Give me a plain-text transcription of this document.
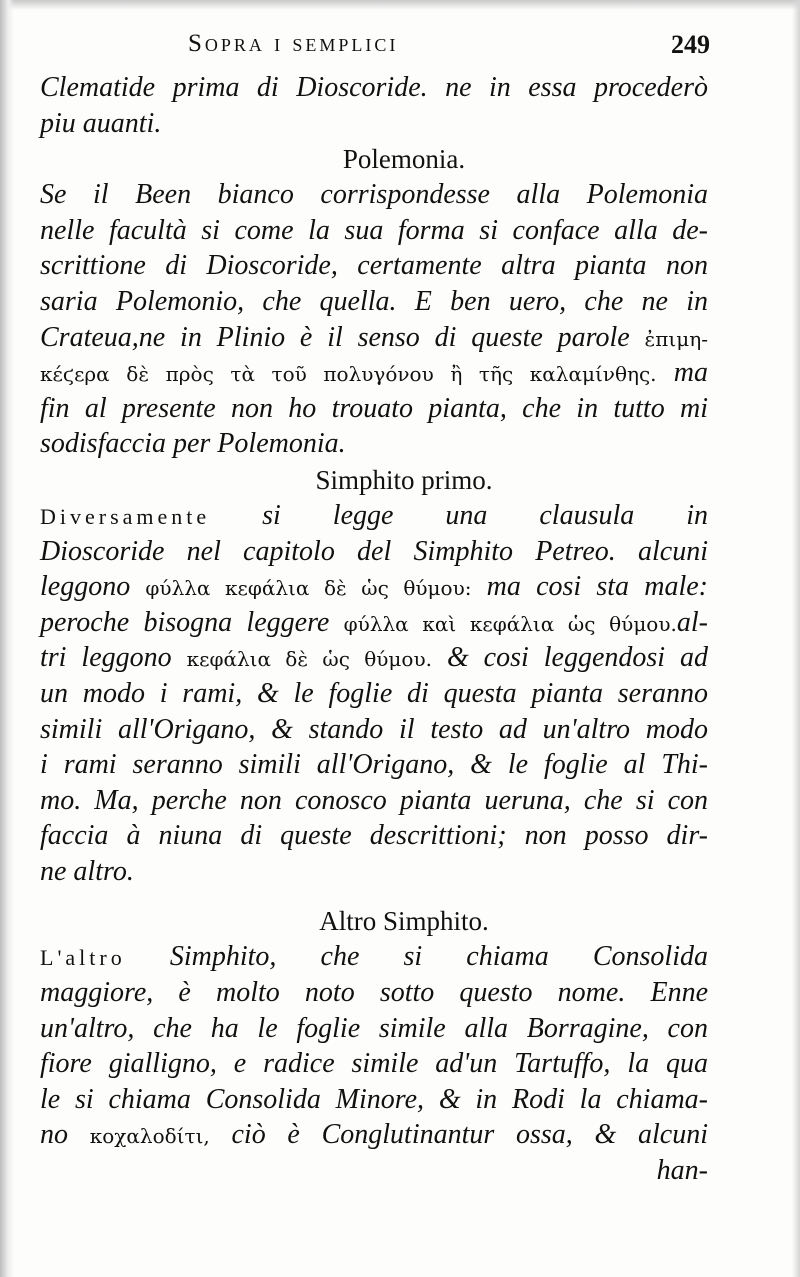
Sopra i semplici	249
Clematide prima di Dioscoride. ne in essa procederò
piu auanti.
Polemonia.
Se il Been bianco corrispondesse alla Polemonia
nelle facultà si come la sua forma si conface alla de-
scrittione di Dioscoride, certamente altra pianta non
saria Polemonio, che quella. E ben uero, che ne in
Crateua,ne in Plinio è il senso di queste parole ἐπιμη-
κέϛερα δὲ πρὸς τὰ τοῦ πολυγόνου ἢ τῆς καλαμίνθης. ma
fin al presente non ho trouato pianta, che in tutto mi
sodisfaccia per Polemonia.
Simphito primo.
Diversamente si legge una clausula in
Dioscoride nel capitolo del Simphito Petreo. alcuni
leggono φύλλα κεφάλια δὲ ὡς θύμου: ma cosi sta male:
peroche bisogna leggere φύλλα καὶ κεφάλια ὡς θύμου.al-
tri leggono κεφάλια δὲ ὡς θύμου. & cosi leggendosi ad
un modo i rami, & le foglie di questa pianta seranno
simili all'Origano, & stando il testo ad un'altro modo
i rami seranno simili all'Origano, & le foglie al Thi-
mo. Ma, perche non conosco pianta ueruna, che si con
faccia à niuna di queste descrittioni; non posso dir-
ne altro.
Altro Simphito.
L'altro Simphito, che si chiama Consolida
maggiore, è molto noto sotto questo nome. Enne
un'altro, che ha le foglie simile alla Borragine, con
fiore gialligno, e radice simile ad'un Tartuffo, la qua
le si chiama Consolida Minore, & in Rodi la chiama-
no κοχαλοδίτι, ciò è Conglutinantur ossa, & alcuni
han-
